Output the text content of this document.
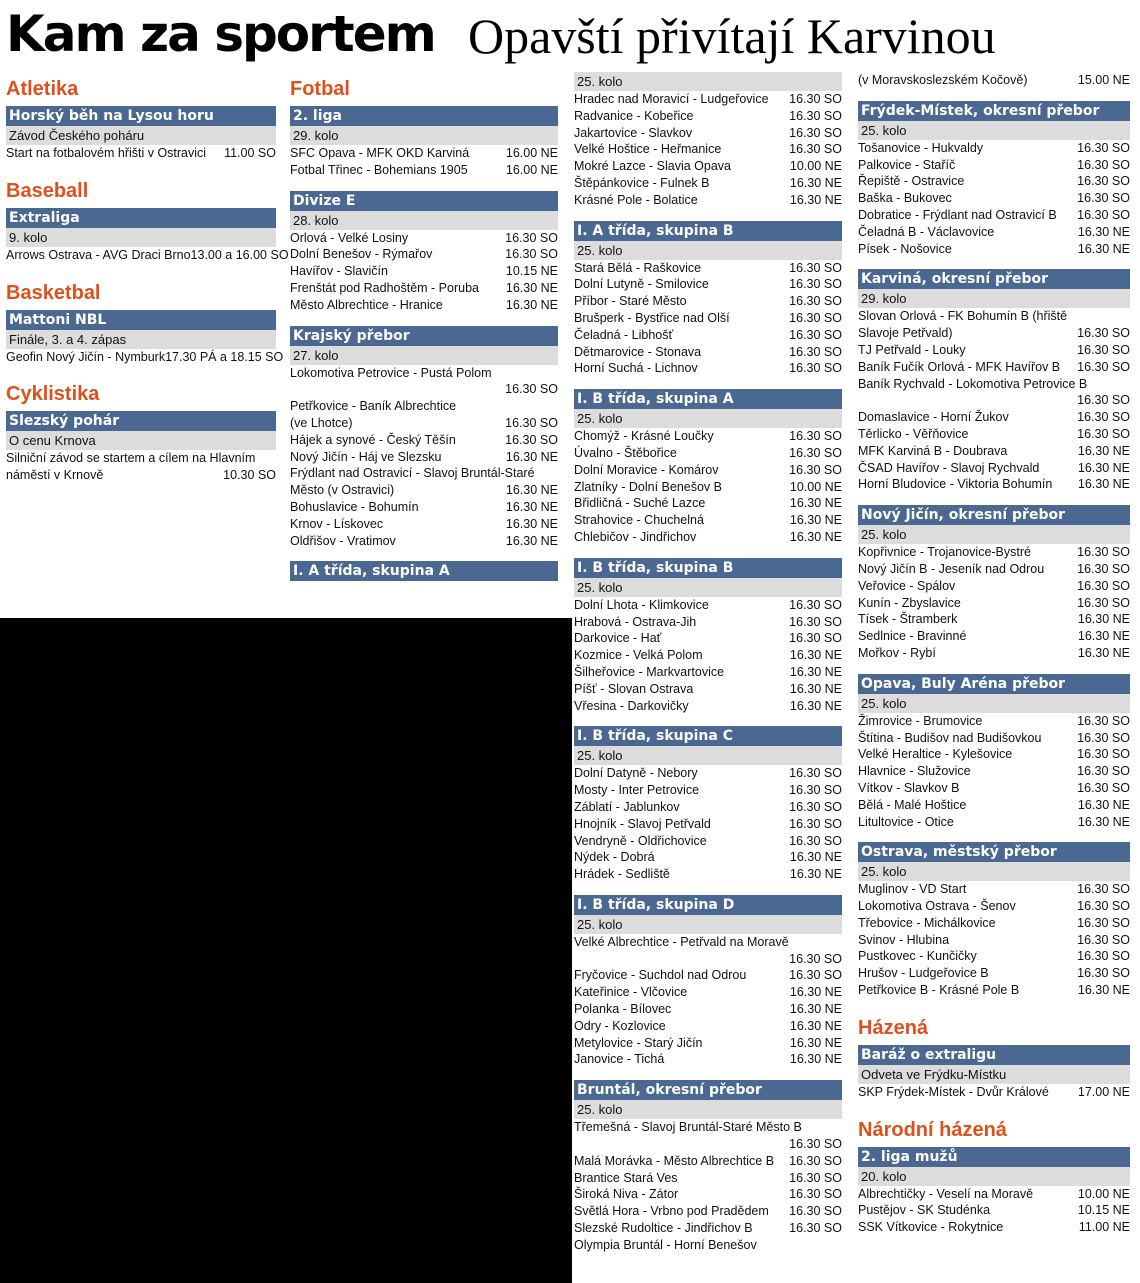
Kam za sportem Opavští přivítají Karvinou
Atletika
Horský běh na Lysou horu
Závod Českého poháru
Start na fotbalovém hřišti v Ostravici	11.00 SO
Baseball
Extraliga
9. kolo
Arrows Ostrava - AVG Draci Brno 13.00 a 16.00 SO
Basketbal
Mattoni NBL
Finále, 3. a 4. zápas
Geofin Nový Jičín - Nymburk 17.30 PÁ a 18.15 SO
Cyklistika
Slezský pohár
O cenu Krnova
Silniční závod se startem a cílem na Hlavním
náměstí v Krnově	10.30 SO
Fotbal
2. liga
29. kolo
SFC Opava - MFK OKD Karviná	16.00 NE
Fotbal Třinec - Bohemians 1905	16.00 NE
Divize E
28. kolo
Orlová - Velké Losiny	16.30 SO
Dolní Benešov - Rýmařov	16.30 SO
Havířov - Slavičín	10.15 NE
Frenštát pod Radhoštěm - Poruba	16.30 NE
Město Albrechtice - Hranice	16.30 NE
Krajský přebor
27. kolo
Lokomotiva Petrovice - Pustá Polom
16.30 SO
Petřkovice - Baník Albrechtice
(ve Lhotce)	16.30 SO
Hájek a synové - Český Těšín	16.30 SO
Nový Jičín - Háj ve Slezsku	16.30 NE
Frýdlant nad Ostravicí - Slavoj Bruntál-Staré
Město (v Ostravici)	16.30 NE
Bohuslavice - Bohumín	16.30 NE
Krnov - Lískovec	16.30 NE
Oldřišov - Vratimov	16.30 NE
I. A třída, skupina A
25. kolo
Hradec nad Moravicí - Ludgeřovice	16.30 SO
Radvanice - Kobeřice	16.30 SO
Jakartovice - Slavkov	16.30 SO
Velké Hoštice - Heřmanice	16.30 SO
Mokré Lazce - Slavia Opava	10.00 NE
Štěpánkovice - Fulnek B	16.30 NE
Krásné Pole - Bolatice	16.30 NE
I. A třída, skupina B
25. kolo
Stará Bělá - Raškovice	16.30 SO
Dolní Lutyně - Smilovice	16.30 SO
Příbor - Staré Město	16.30 SO
Brušperk - Bystřice nad Olší	16.30 SO
Čeladná - Libhošť	16.30 SO
Dětmarovice - Stonava	16.30 SO
Horní Suchá - Lichnov	16.30 SO
I. B třída, skupina A
25. kolo
Chomýž - Krásné Loučky	16.30 SO
Úvalno - Štěbořice	16.30 SO
Dolní Moravice - Komárov	16.30 SO
Zlatníky - Dolní Benešov B	10.00 NE
Břidličná - Suché Lazce	16.30 NE
Strahovice - Chuchelná	16.30 NE
Chlebičov - Jindřichov	16.30 NE
I. B třída, skupina B
25. kolo
Dolní Lhota - Klimkovice	16.30 SO
Hrabová - Ostrava-Jih	16.30 SO
Darkovice - Hať	16.30 SO
Kozmice - Velká Polom	16.30 NE
Šilheřovice - Markvartovice	16.30 NE
Píšť - Slovan Ostrava	16.30 NE
Vřesina - Darkovičky	16.30 NE
I. B třída, skupina C
25. kolo
Dolní Datyně - Nebory	16.30 SO
Mosty - Inter Petrovice	16.30 SO
Záblatí - Jablunkov	16.30 SO
Hnojník - Slavoj Petřvald	16.30 SO
Vendryně - Oldřichovice	16.30 SO
Nýdek - Dobrá	16.30 NE
Hrádek - Sedliště	16.30 NE
I. B třída, skupina D
25. kolo
Velké Albrechtice - Petřvald na Moravě
16.30 SO
Fryčovice - Suchdol nad Odrou	16.30 SO
Kateřinice - Vlčovice	16.30 NE
Polanka - Bílovec	16.30 NE
Odry - Kozlovice	16.30 NE
Metylovice - Starý Jičín	16.30 NE
Janovice - Tichá	16.30 NE
Bruntál, okresní přebor
25. kolo
Třemešná - Slavoj Bruntál-Staré Město B
16.30 SO
Malá Morávka - Město Albrechtice B	16.30 SO
Brantice Stará Ves	16.30 SO
Široká Niva - Zátor	16.30 SO
Světlá Hora - Vrbno pod Pradědem	16.30 SO
Slezské Rudoltice - Jindřichov B	16.30 SO
Olympia Bruntál - Horní Benešov
(v Moravskoslezském Kočově)	15.00 NE
Frýdek-Místek, okresní přebor
25. kolo
Tošanovice - Hukvaldy	16.30 SO
Palkovice - Staříč	16.30 SO
Řepiště - Ostravice	16.30 SO
Baška - Bukovec	16.30 SO
Dobratice - Frýdlant nad Ostravicí B	16.30 SO
Čeladná B - Václavovice	16.30 NE
Písek - Nošovice	16.30 NE
Karviná, okresní přebor
29. kolo
Slovan Orlová - FK Bohumín B (hřiště
Slavoje Petřvald)	16.30 SO
TJ Petřvald - Louky	16.30 SO
Baník Fučík Orlová - MFK Havířov B	16.30 SO
Baník Rychvald - Lokomotiva Petrovice B
16.30 SO
Domaslavice - Horní Žukov	16.30 SO
Těrlicko - Věřňovice	16.30 SO
MFK Karviná B - Doubrava	16.30 NE
ČSAD Havířov - Slavoj Rychvald	16.30 NE
Horní Bludovice - Viktoria Bohumín	16.30 NE
Nový Jičín, okresní přebor
25. kolo
Kopřivnice - Trojanovice-Bystré	16.30 SO
Nový Jičín B - Jeseník nad Odrou	16.30 SO
Veřovice - Spálov	16.30 SO
Kunín - Zbyslavice	16.30 SO
Tísek - Štramberk	16.30 NE
Sedlnice - Bravinné	16.30 NE
Mořkov - Rybí	16.30 NE
Opava, Buly Aréna přebor
25. kolo
Žimrovice - Brumovice	16.30 SO
Štítina - Budišov nad Budišovkou	16.30 SO
Velké Heraltice - Kylešovice	16.30 SO
Hlavnice - Služovice	16.30 SO
Vítkov - Slavkov B	16.30 SO
Bělá - Malé Hoštice	16.30 NE
Litultovice - Otice	16.30 NE
Ostrava, městský přebor
25. kolo
Muglinov - VD Start	16.30 SO
Lokomotiva Ostrava - Šenov	16.30 SO
Třebovice - Michálkovice	16.30 SO
Svinov - Hlubina	16.30 SO
Pustkovec - Kunčičky	16.30 SO
Hrušov - Ludgeřovice B	16.30 SO
Petřkovice B - Krásné Pole B	16.30 NE
Házená
Baráž o extraligu
Odveta ve Frýdku-Místku
SKP Frýdek-Místek - Dvůr Králové	17.00 NE
Národní házená
2. liga mužů
20. kolo
Albrechtičky - Veselí na Moravě	10.00 NE
Pustějov - SK Studénka	10.15 NE
SSK Vítkovice - Rokytnice	11.00 NE
